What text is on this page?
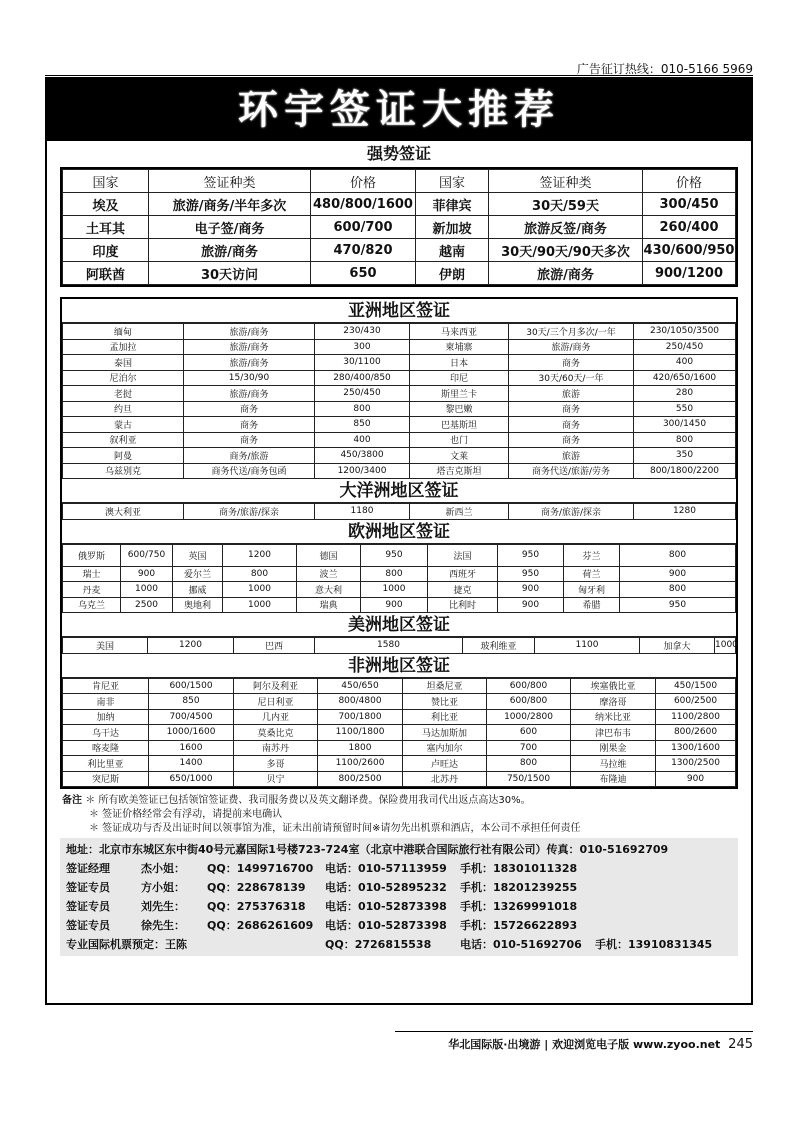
广告征订热线：010-5166 5969
环宇签证大推荐
强势签证
国家	签证种类	价格	国家	签证种类	价格
埃及	旅游/商务/半年多次	480/800/1600	菲律宾	30天/59天	300/450
土耳其	电子签/商务	600/700	新加坡	旅游反签/商务	260/400
印度	旅游/商务	470/820	越南	30天/90天/90天多次	430/600/950
阿联酋	30天访问	650	伊朗	旅游/商务	900/1200
亚洲地区签证
缅甸	旅游/商务	230/430	马来西亚	30天/三个月多次/一年	230/1050/3500
孟加拉	旅游/商务	300	柬埔寨	旅游/商务	250/450
泰国	旅游/商务	30/1100	日本	商务	400
尼泊尔	15/30/90	280/400/850	印尼	30天/60天/一年	420/650/1600
老挝	旅游/商务	250/450	斯里兰卡	旅游	280
约旦	商务	800	黎巴嫩	商务	550
蒙古	商务	850	巴基斯坦	商务	300/1450
叙利亚	商务	400	也门	商务	800
阿曼	商务/旅游	450/3800	文莱	旅游	350
乌兹别克	商务代送/商务包函	1200/3400	塔吉克斯坦	商务代送/旅游/劳务	800/1800/2200
大洋洲地区签证
澳大利亚	商务/旅游/探亲	1180	新西兰	商务/旅游/探亲	1280
欧洲地区签证
俄罗斯	600/750	英国	1200	德国	950	法国	950	芬兰	800
瑞士	900	爱尔兰	800	波兰	800	西班牙	950	荷兰	900
丹麦	1000	挪威	1000	意大利	1000	捷克	900	匈牙利	800
乌克兰	2500	奥地利	1000	瑞典	900	比利时	900	希腊	950
美洲地区签证
美国	1200	巴西	1580	玻利维亚	1100	加拿大	1000
非洲地区签证
肯尼亚	600/1500	阿尔及利亚	450/650	坦桑尼亚	600/800	埃塞俄比亚	450/1500
南非	850	尼日利亚	800/4800	赞比亚	600/800	摩洛哥	600/2500
加纳	700/4500	几内亚	700/1800	利比亚	1000/2800	纳米比亚	1100/2800
乌干达	1000/1600	莫桑比克	1100/1800	马达加斯加	600	津巴布韦	800/2600
喀麦隆	1600	南苏丹	1800	塞内加尔	700	刚果金	1300/1600
利比里亚	1400	多哥	1100/2600	卢旺达	800	马拉维	1300/2500
突尼斯	650/1000	贝宁	800/2500	北苏丹	750/1500	布隆迪	900
备注 ＊ 所有欧美签证已包括领馆签证费、我司服务费以及英文翻译费。保险费用我司代出返点高达30%。
＊ 签证价格经常会有浮动，请提前来电确认
＊ 签证成功与否及出证时间以领事馆为准，证未出前请预留时间※请勿先出机票和酒店，本公司不承担任何责任
地址：北京市东城区东中街40号元嘉国际1号楼723-724室（北京中港联合国际旅行社有限公司）传真：010-51692709
签证经理	杰小姐：	QQ：1499716700	电话：010-57113959	手机：18301011328
签证专员	方小姐：	QQ：228678139	电话：010-52895232	手机：18201239255
签证专员	刘先生：	QQ：275376318	电话：010-52873398	手机：13269991018
签证专员	徐先生：	QQ：2686261609	电话：010-52873398	手机：15726622893
专业国际机票预定：王陈	QQ：2726815538	电话：010-51692706	手机：13910831345
华北国际版·出境游 | 欢迎浏览电子版 www.zyoo.net 245
